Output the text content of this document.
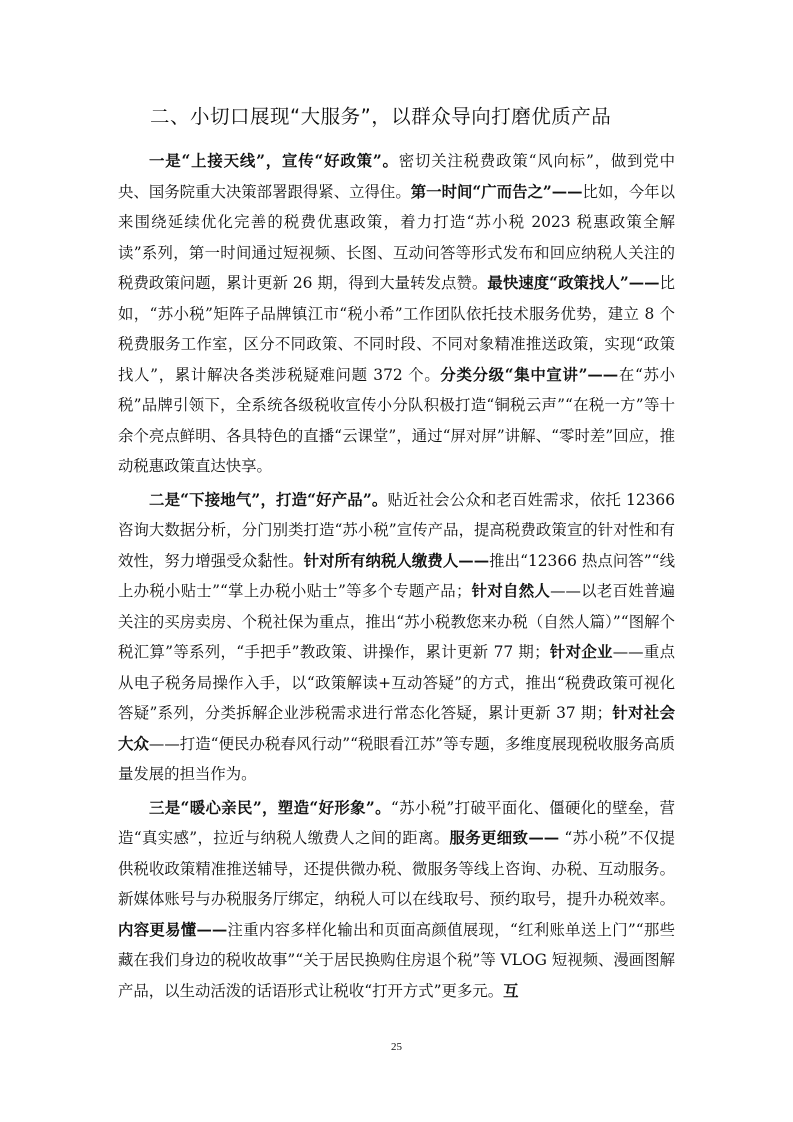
二、小切口展现“大服务”，以群众导向打磨优质产品

一是“上接天线”，宣传“好政策”。密切关注税费政策“风向标”，做到党中央、国务院重大决策部署跟得紧、立得住。第一时间“广而告之”——比如，今年以来围绕延续优化完善的税费优惠政策，着力打造“苏小税 2023 税惠政策全解读”系列，第一时间通过短视频、长图、互动问答等形式发布和回应纳税人关注的税费政策问题，累计更新 26 期，得到大量转发点赞。最快速度“政策找人”——比如，“苏小税”矩阵子品牌镇江市“税小希”工作团队依托技术服务优势，建立 8 个税费服务工作室，区分不同政策、不同时段、不同对象精准推送政策，实现“政策找人”，累计解决各类涉税疑难问题 372 个。分类分级“集中宣讲”——在“苏小税”品牌引领下，全系统各级税收宣传小分队积极打造“铜税云声”“在税一方”等十余个亮点鲜明、各具特色的直播“云课堂”，通过“屏对屏”讲解、“零时差”回应，推动税惠政策直达快享。

二是“下接地气”，打造“好产品”。贴近社会公众和老百姓需求，依托 12366 咨询大数据分析，分门别类打造“苏小税”宣传产品，提高税费政策宣的针对性和有效性，努力增强受众黏性。针对所有纳税人缴费人——推出“12366 热点问答”“线上办税小贴士”“掌上办税小贴士”等多个专题产品；针对自然人——以老百姓普遍关注的买房卖房、个税社保为重点，推出“苏小税教您来办税（自然人篇）”“图解个税汇算”等系列，“手把手”教政策、讲操作，累计更新 77 期；针对企业——重点从电子税务局操作入手，以“政策解读+互动答疑”的方式，推出“税费政策可视化答疑”系列，分类拆解企业涉税需求进行常态化答疑，累计更新 37 期；针对社会大众——打造“便民办税春风行动”“税眼看江苏”等专题，多维度展现税收服务高质量发展的担当作为。

三是“暖心亲民”，塑造“好形象”。“苏小税”打破平面化、僵硬化的壁垒，营造“真实感”，拉近与纳税人缴费人之间的距离。服务更细致—— “苏小税”不仅提供税收政策精准推送辅导，还提供微办税、微服务等线上咨询、办税、互动服务。新媒体账号与办税服务厅绑定，纳税人可以在线取号、预约取号，提升办税效率。内容更易懂——注重内容多样化输出和页面高颜值展现，“红利账单送上门”“那些藏在我们身边的税收故事”“关于居民换购住房退个税”等 VLOG 短视频、漫画图解产品，以生动活泼的话语形式让税收“打开方式”更多元。互

25
